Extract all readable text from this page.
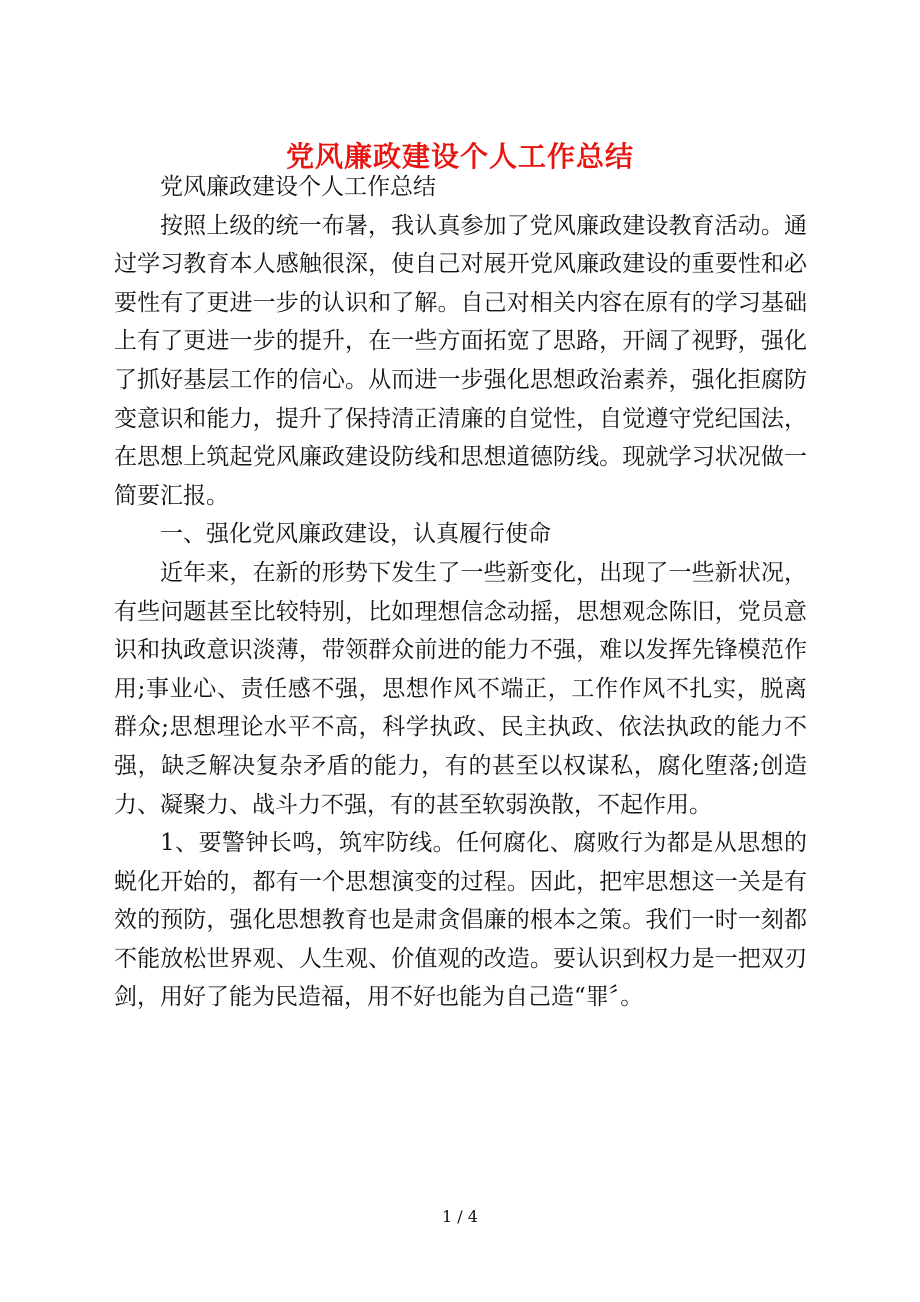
党风廉政建设个人工作总结

党风廉政建设个人工作总结

按照上级的统一布暑，我认真参加了党风廉政建设教育活动。通过学习教育本人感触很深，使自己对展开党风廉政建设的重要性和必要性有了更进一步的认识和了解。自己对相关内容在原有的学习基础上有了更进一步的提升，在一些方面拓宽了思路，开阔了视野，强化了抓好基层工作的信心。从而进一步强化思想政治素养，强化拒腐防变意识和能力，提升了保持清正清廉的自觉性，自觉遵守党纪国法，在思想上筑起党风廉政建设防线和思想道德防线。现就学习状况做一简要汇报。

一、强化党风廉政建设，认真履行使命

近年来，在新的形势下发生了一些新变化，出现了一些新状况，有些问题甚至比较特别，比如理想信念动摇，思想观念陈旧，党员意识和执政意识淡薄，带领群众前进的能力不强，难以发挥先锋模范作用;事业心、责任感不强，思想作风不端正，工作作风不扎实，脱离群众;思想理论水平不高，科学执政、民主执政、依法执政的能力不强，缺乏解决复杂矛盾的能力，有的甚至以权谋私，腐化堕落;创造力、凝聚力、战斗力不强，有的甚至软弱涣散，不起作用。

1、要警钟长鸣，筑牢防线。任何腐化、腐败行为都是从思想的蜕化开始的，都有一个思想演变的过程。因此，把牢思想这一关是有效的预防，强化思想教育也是肃贪倡廉的根本之策。我们一时一刻都不能放松世界观、人生观、价值观的改造。要认识到权力是一把双刃剑，用好了能为民造福，用不好也能为自己造“罪〞。

1 / 4
